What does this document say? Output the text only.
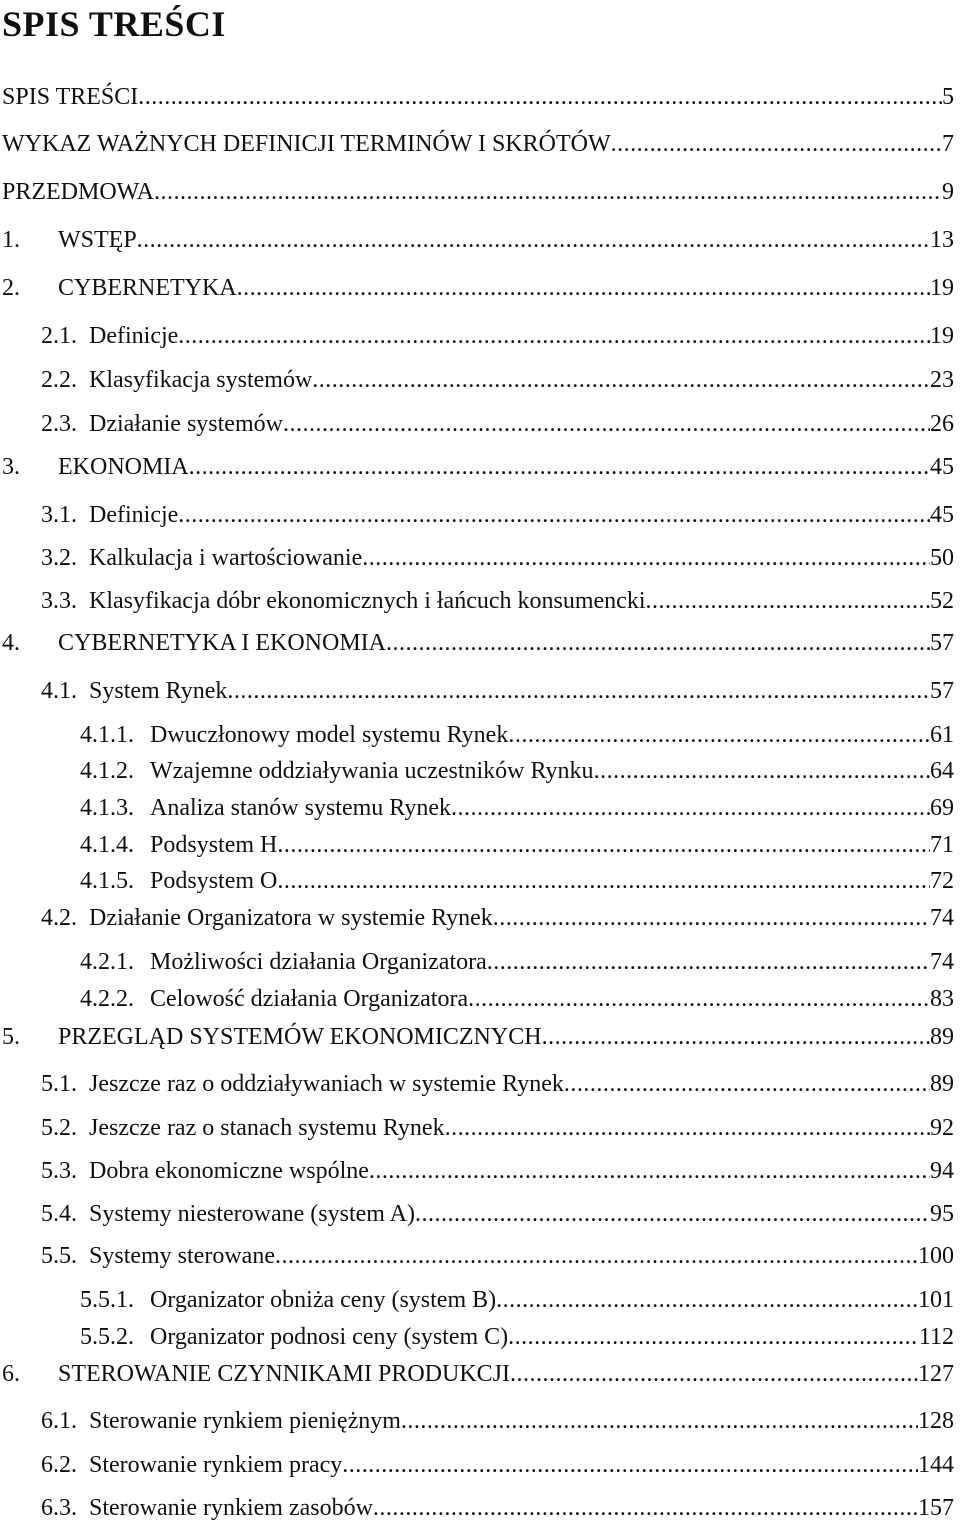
SPIS TREŚCI
SPIS TREŚCI .....	5
WYKAZ WAŻNYCH DEFINICJI TERMINÓW I SKRÓTÓW .....	7
PRZEDMOWA .....	9
1.	WSTĘP .....	13
2.	CYBERNETYKA .....	19
2.1. Definicje .....	19
2.2. Klasyfikacja systemów .....	23
2.3. Działanie systemów .....	26
3.	EKONOMIA .....	45
3.1. Definicje .....	45
3.2. Kalkulacja i wartościowanie .....	50
3.3. Klasyfikacja dóbr ekonomicznych i łańcuch konsumencki .....	52
4.	CYBERNETYKA I EKONOMIA .....	57
4.1. System Rynek .....	57
4.1.1. Dwuczłonowy model systemu Rynek .....	61
4.1.2. Wzajemne oddziaływania uczestników Rynku .....	64
4.1.3. Analiza stanów systemu Rynek .....	69
4.1.4. Podsystem H .....	71
4.1.5. Podsystem O .....	72
4.2. Działanie Organizatora w systemie Rynek .....	74
4.2.1. Możliwości działania Organizatora .....	74
4.2.2. Celowość działania Organizatora .....	83
5.	PRZEGLĄD SYSTEMÓW EKONOMICZNYCH .....	89
5.1. Jeszcze raz o oddziaływaniach w systemie Rynek .....	89
5.2. Jeszcze raz o stanach systemu Rynek .....	92
5.3. Dobra ekonomiczne wspólne .....	94
5.4. Systemy niesterowane (system A) .....	95
5.5. Systemy sterowane .....	100
5.5.1. Organizator obniża ceny (system B) .....	101
5.5.2. Organizator podnosi ceny (system C) .....	112
6.	STEROWANIE CZYNNIKAMI PRODUKCJI .....	127
6.1. Sterowanie rynkiem pieniężnym .....	128
6.2. Sterowanie rynkiem pracy .....	144
6.3. Sterowanie rynkiem zasobów .....	157
